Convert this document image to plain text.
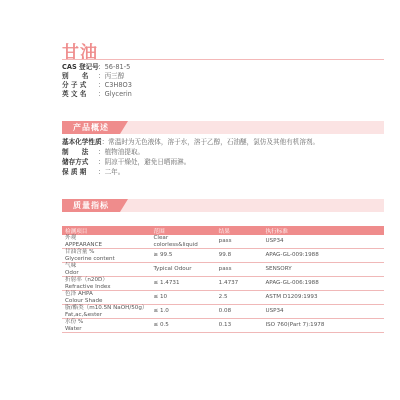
甘油
CAS 登记号：56-81-5
别　　名 ：丙三醇
分 子 式 ：C3H8O3
英 文 名 ：Glycerin
产品概述
基本化学性质：常温时为无色液体，溶于水，溶于乙醇，石油醚，氯仿及其他有机溶剂。
制　　法 ：植物油提取。
储存方式 ：阴凉干燥处，避免日晒雨淋。
保 质 期 ：二年。
质量指标
检测项目	范围	结果	执行标准

外观
APPEARANCE	Clear colorless&liquid	pass	USP34

甘油含量 %
Glycerine content	≥ 99.5	99.8	APAG-GL-009:1988

气味
Odor	Typical Odour	pass	SENSORY

折射率（n20D）
Refractive Index	≤ 1.4731	1.4737	APAG-GL-006:1988

色泽 AHPA
Colour Shade	≤ 10	2.5	ASTM D1209:1993

脂/酯类（m10.5N NaOH/50g）
Fat,ac,&ester	≤ 1.0	0.08	USP34

水份 %
Water	≤ 0.5	0.13	ISO 760(Part 7):1978
